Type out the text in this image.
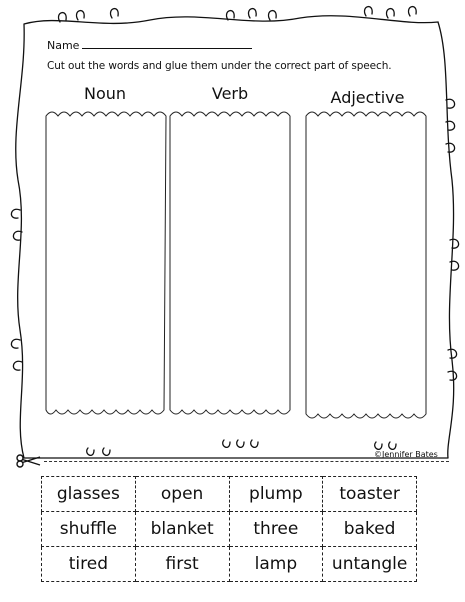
Name
Cut out the words and glue them under the correct part of speech.
Noun	Verb	Adjective
©Jennifer Bates
glasses	open	plump	toaster
shuffle	blanket	three	baked
tired	first	lamp	untangle
